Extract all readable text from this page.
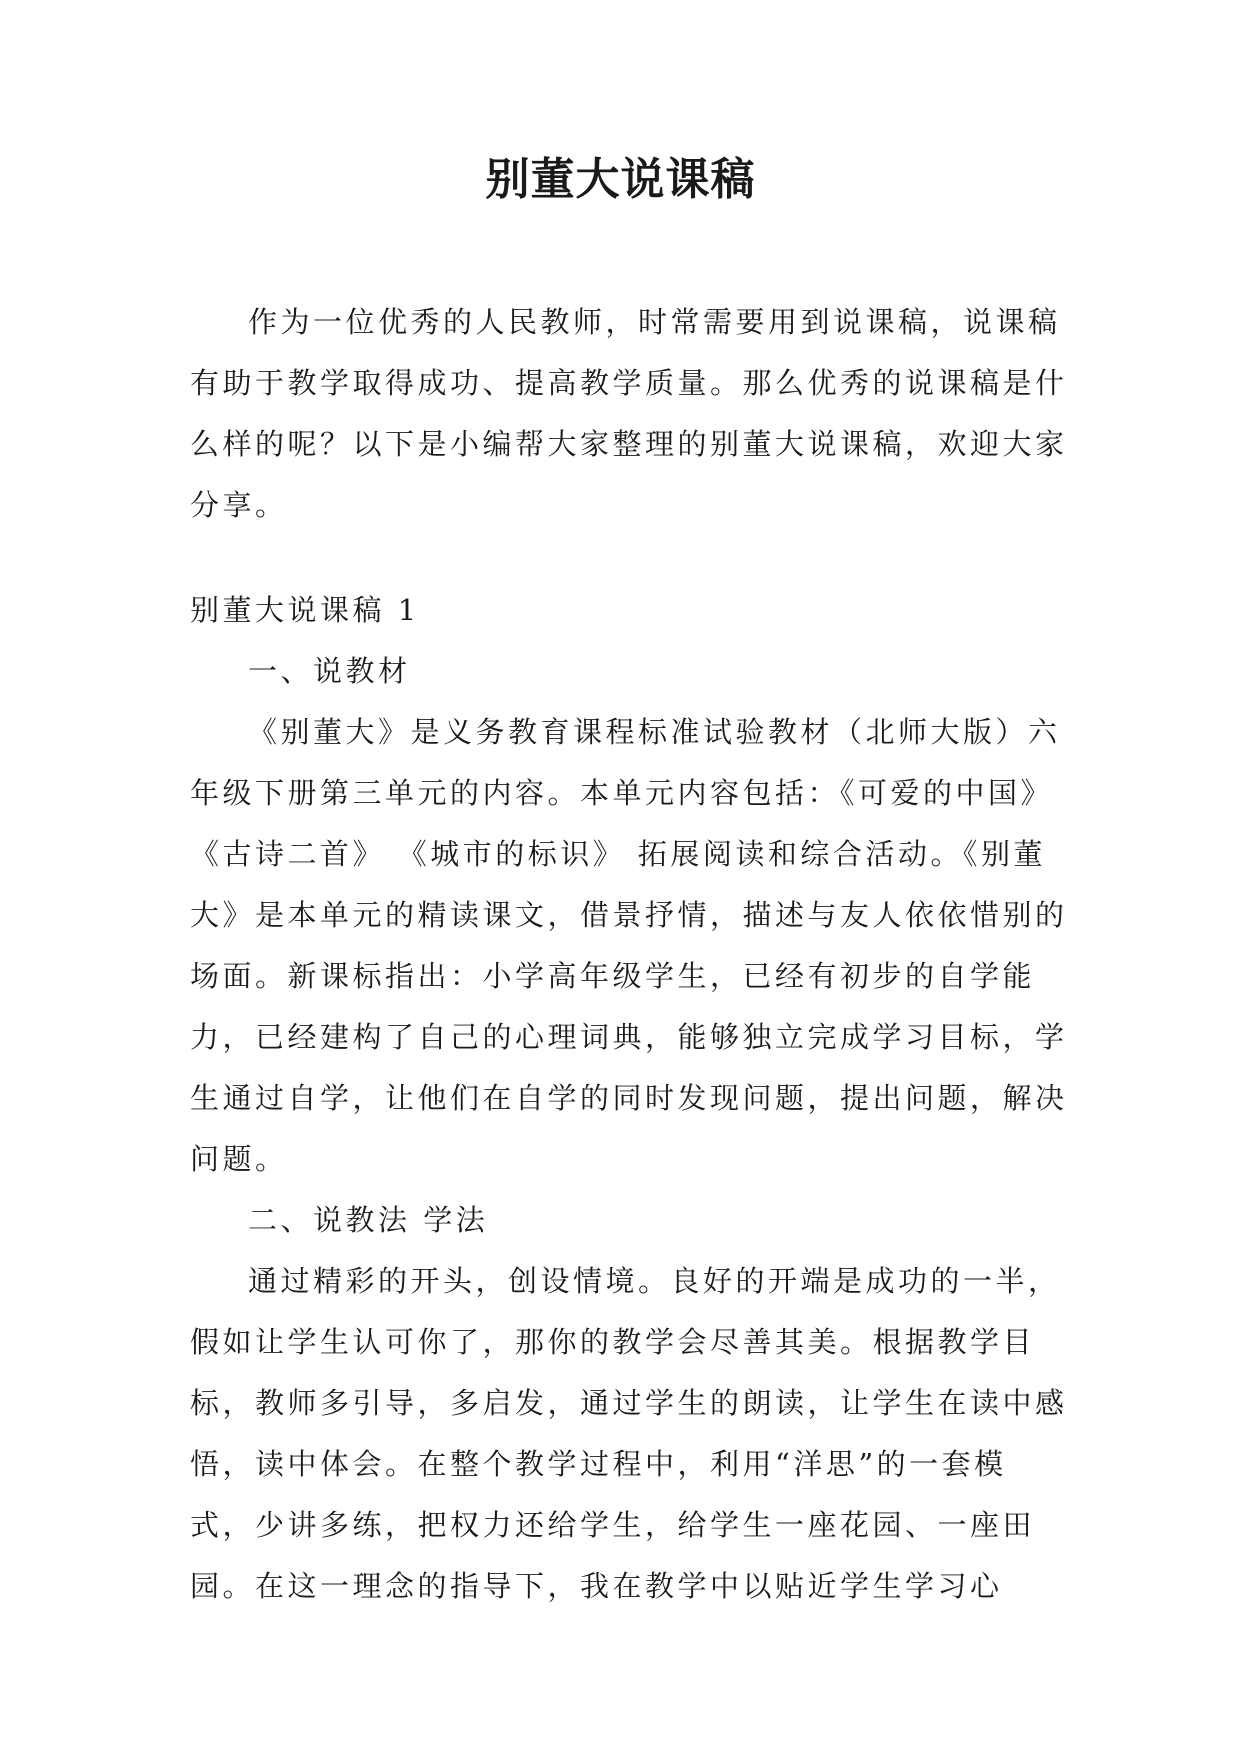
别董大说课稿

作为一位优秀的人民教师，时常需要用到说课稿，说课稿有助于教学取得成功、提高教学质量。那么优秀的说课稿是什么样的呢？以下是小编帮大家整理的别董大说课稿，欢迎大家分享。

别董大说课稿 1

一、说教材

《别董大》是义务教育课程标准试验教材（北师大版）六年级下册第三单元的内容。本单元内容包括：《可爱的中国》 《古诗二首》 《城市的标识》 拓展阅读和综合活动。《别董大》是本单元的精读课文，借景抒情，描述与友人依依惜别的场面。新课标指出：小学高年级学生，已经有初步的自学能力，已经建构了自己的心理词典，能够独立完成学习目标，学生通过自学，让他们在自学的同时发现问题，提出问题，解决问题。

二、说教法 学法

通过精彩的开头，创设情境。良好的开端是成功的一半，假如让学生认可你了，那你的教学会尽善其美。根据教学目标，教师多引导，多启发，通过学生的朗读，让学生在读中感悟，读中体会。在整个教学过程中，利用“洋思”的一套模式，少讲多练，把权力还给学生，给学生一座花园、一座田园。在这一理念的指导下，我在教学中以贴近学生学习心
